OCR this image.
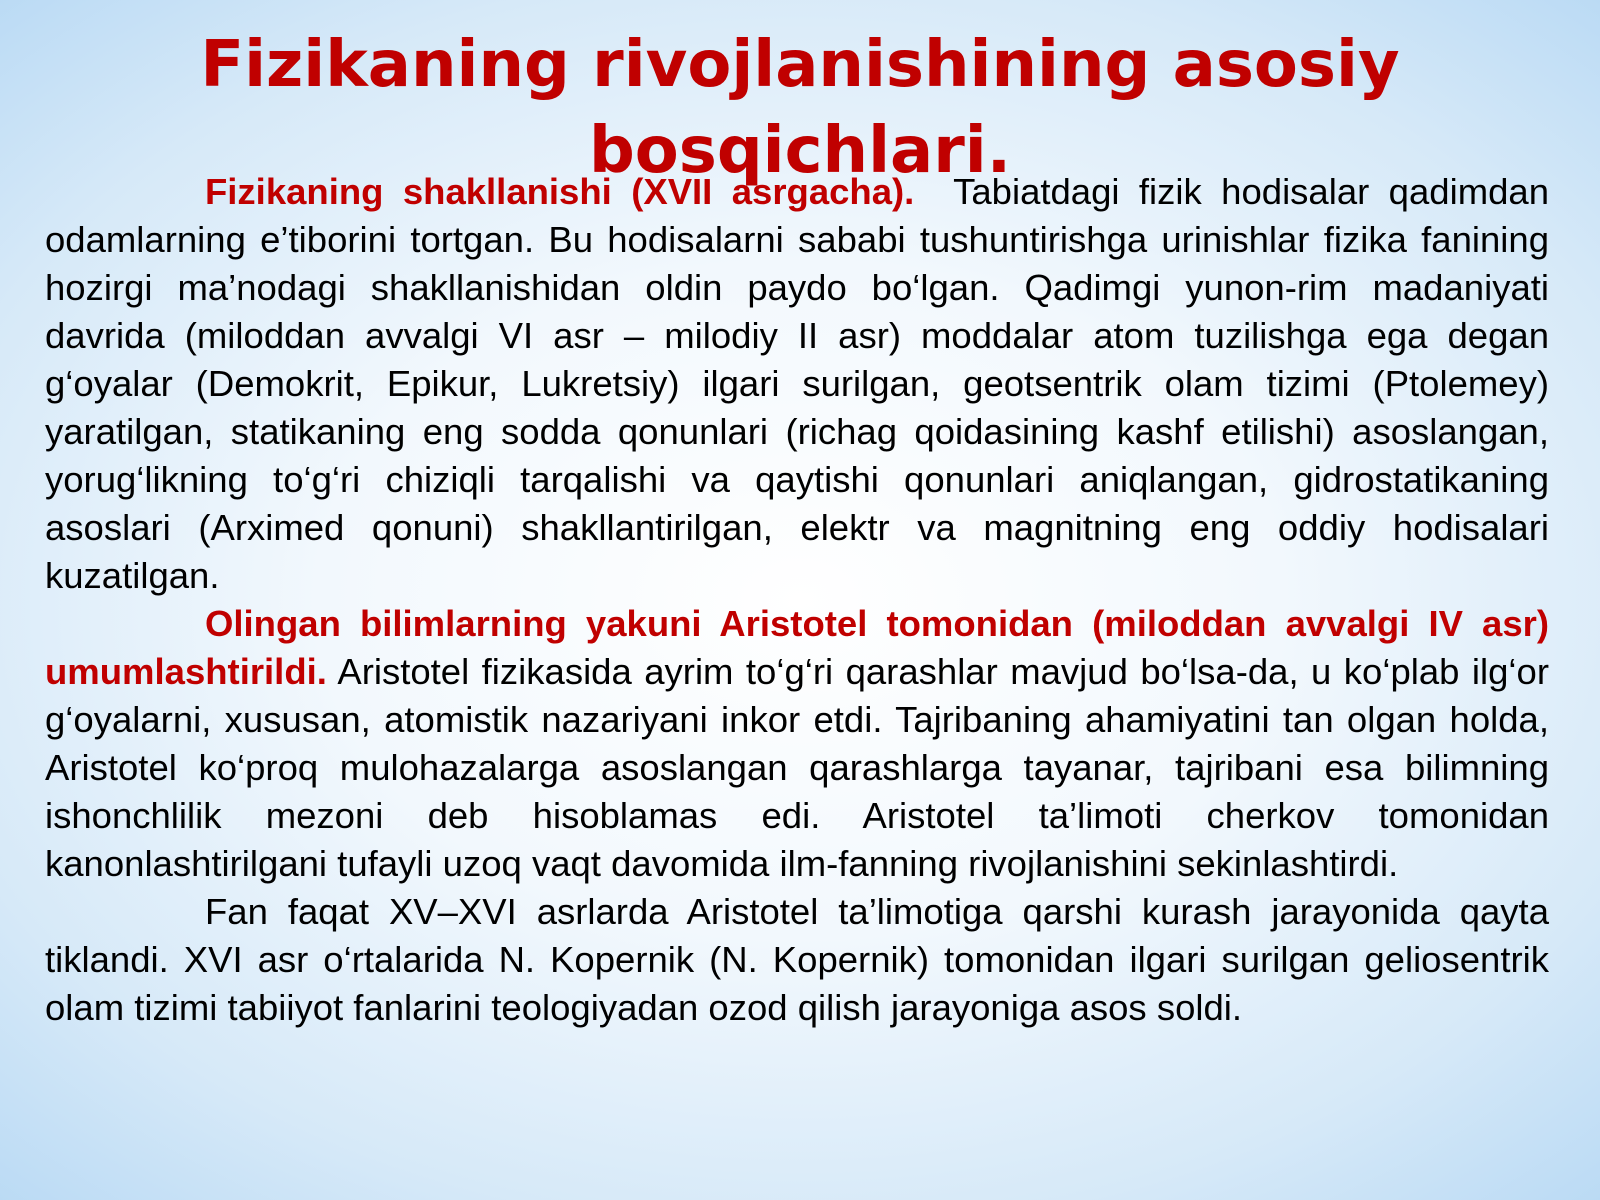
Fizikaning rivojlanishining asosiy bosqichlari.

Fizikaning shakllanishi (XVII asrgacha). Tabiatdagi fizik hodisalar qadimdan odamlarning e’tiborini tortgan. Bu hodisalarni sababi tushuntirishga urinishlar fizika fanining hozirgi ma’nodagi shakllanishidan oldin paydo bo‘lgan. Qadimgi yunon-rim madaniyati davrida (miloddan avvalgi VI asr – milodiy II asr) moddalar atom tuzilishga ega degan g‘oyalar (Demokrit, Epikur, Lukretsiy) ilgari surilgan, geotsentrik olam tizimi (Ptolemey) yaratilgan, statikaning eng sodda qonunlari (richag qoidasining kashf etilishi) asoslangan, yorug‘likning to‘g‘ri chiziqli tarqalishi va qaytishi qonunlari aniqlangan, gidrostatikaning asoslari (Arximed qonuni) shakllantirilgan, elektr va magnitning eng oddiy hodisalari kuzatilgan.

Olingan bilimlarning yakuni Aristotel tomonidan (miloddan avvalgi IV asr) umumlashtirildi. Aristotel fizikasida ayrim to‘g‘ri qarashlar mavjud bo‘lsa-da, u ko‘plab ilg‘or g‘oyalarni, xususan, atomistik nazariyani inkor etdi. Tajribaning ahamiyatini tan olgan holda, Aristotel ko‘proq mulohazalarga asoslangan qarashlarga tayanar, tajribani esa bilimning ishonchlilik mezoni deb hisoblamas edi. Aristotel ta’limoti cherkov tomonidan kanonlashtirilgani tufayli uzoq vaqt davomida ilm-fanning rivojlanishini sekinlashtirdi.

Fan faqat XV–XVI asrlarda Aristotel ta’limotiga qarshi kurash jarayonida qayta tiklandi. XVI asr o‘rtalarida N. Kopernik (N. Kopernik) tomonidan ilgari surilgan geliosentrik olam tizimi tabiiyot fanlarini teologiyadan ozod qilish jarayoniga asos soldi.
